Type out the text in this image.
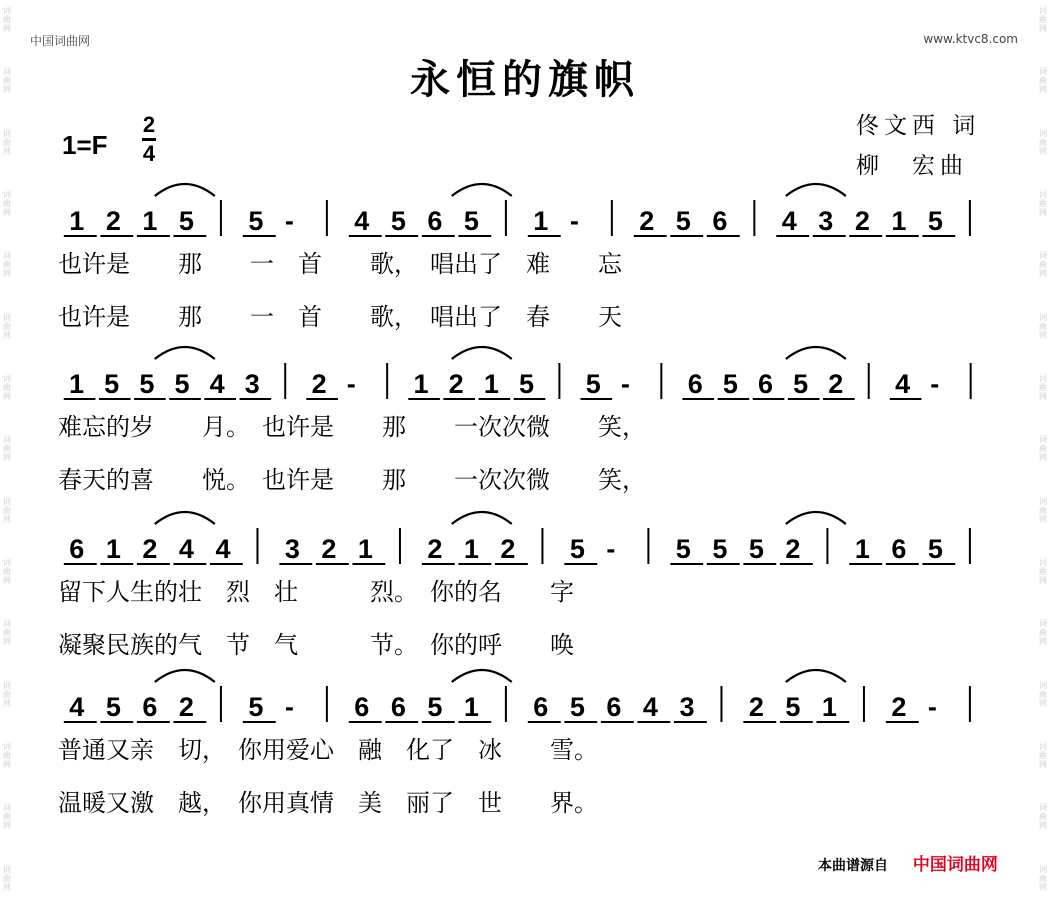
词
曲
网
词
曲
网
词
曲
网
词
曲
网
词
曲
网
词
曲
网
词
曲
网
词
曲
网
词
曲
网
词
曲
网
词
曲
网
词
曲
网
词
曲
网
词
曲
网
词
曲
网
词
曲
网
词
曲
网
词
曲
网
词
曲
网
词
曲
网
词
曲
网
词
曲
网
词
曲
网
词
曲
网
词
曲
网
词
曲
网
词
曲
网
词
曲
网
词
曲
网
词
曲
网
中国词曲网	www.ktvc8.com
永恒的旗帜
佟文西 词
柳　宏曲
1=F
2
4
1 2 1 5 5 - 4 5 6 5 1 - 2 5 6 4 3 2 1 5
也许是　　那　　一　首　　歌，　唱出了　难　　忘
也许是　　那　　一　首　　歌，　唱出了　春　　天
1 5 5 5 4 3 2 - 1 2 1 5 5 - 6 5 6 5 2 4 -
难忘的岁　　月。　也许是　　那　　一次次微　　笑，
春天的喜　　悦。　也许是　　那　　一次次微　　笑，
6 1 2 4 4 3 2 1 2 1 2 5 - 5 5 5 2 1 6 5
留下人生的壮　烈　壮　　　烈。　你的名　　字
凝聚民族的气　节　气　　　节。　你的呼　　唤
4 5 6 2 5 - 6 6 5 1 6 5 6 4 3 2 5 1 2 -
普通又亲　切，　你用爱心　融　化了　冰　　雪。
温暖又激　越，　你用真情　美　丽了　世　　界。
本曲谱源自 中国词曲网
